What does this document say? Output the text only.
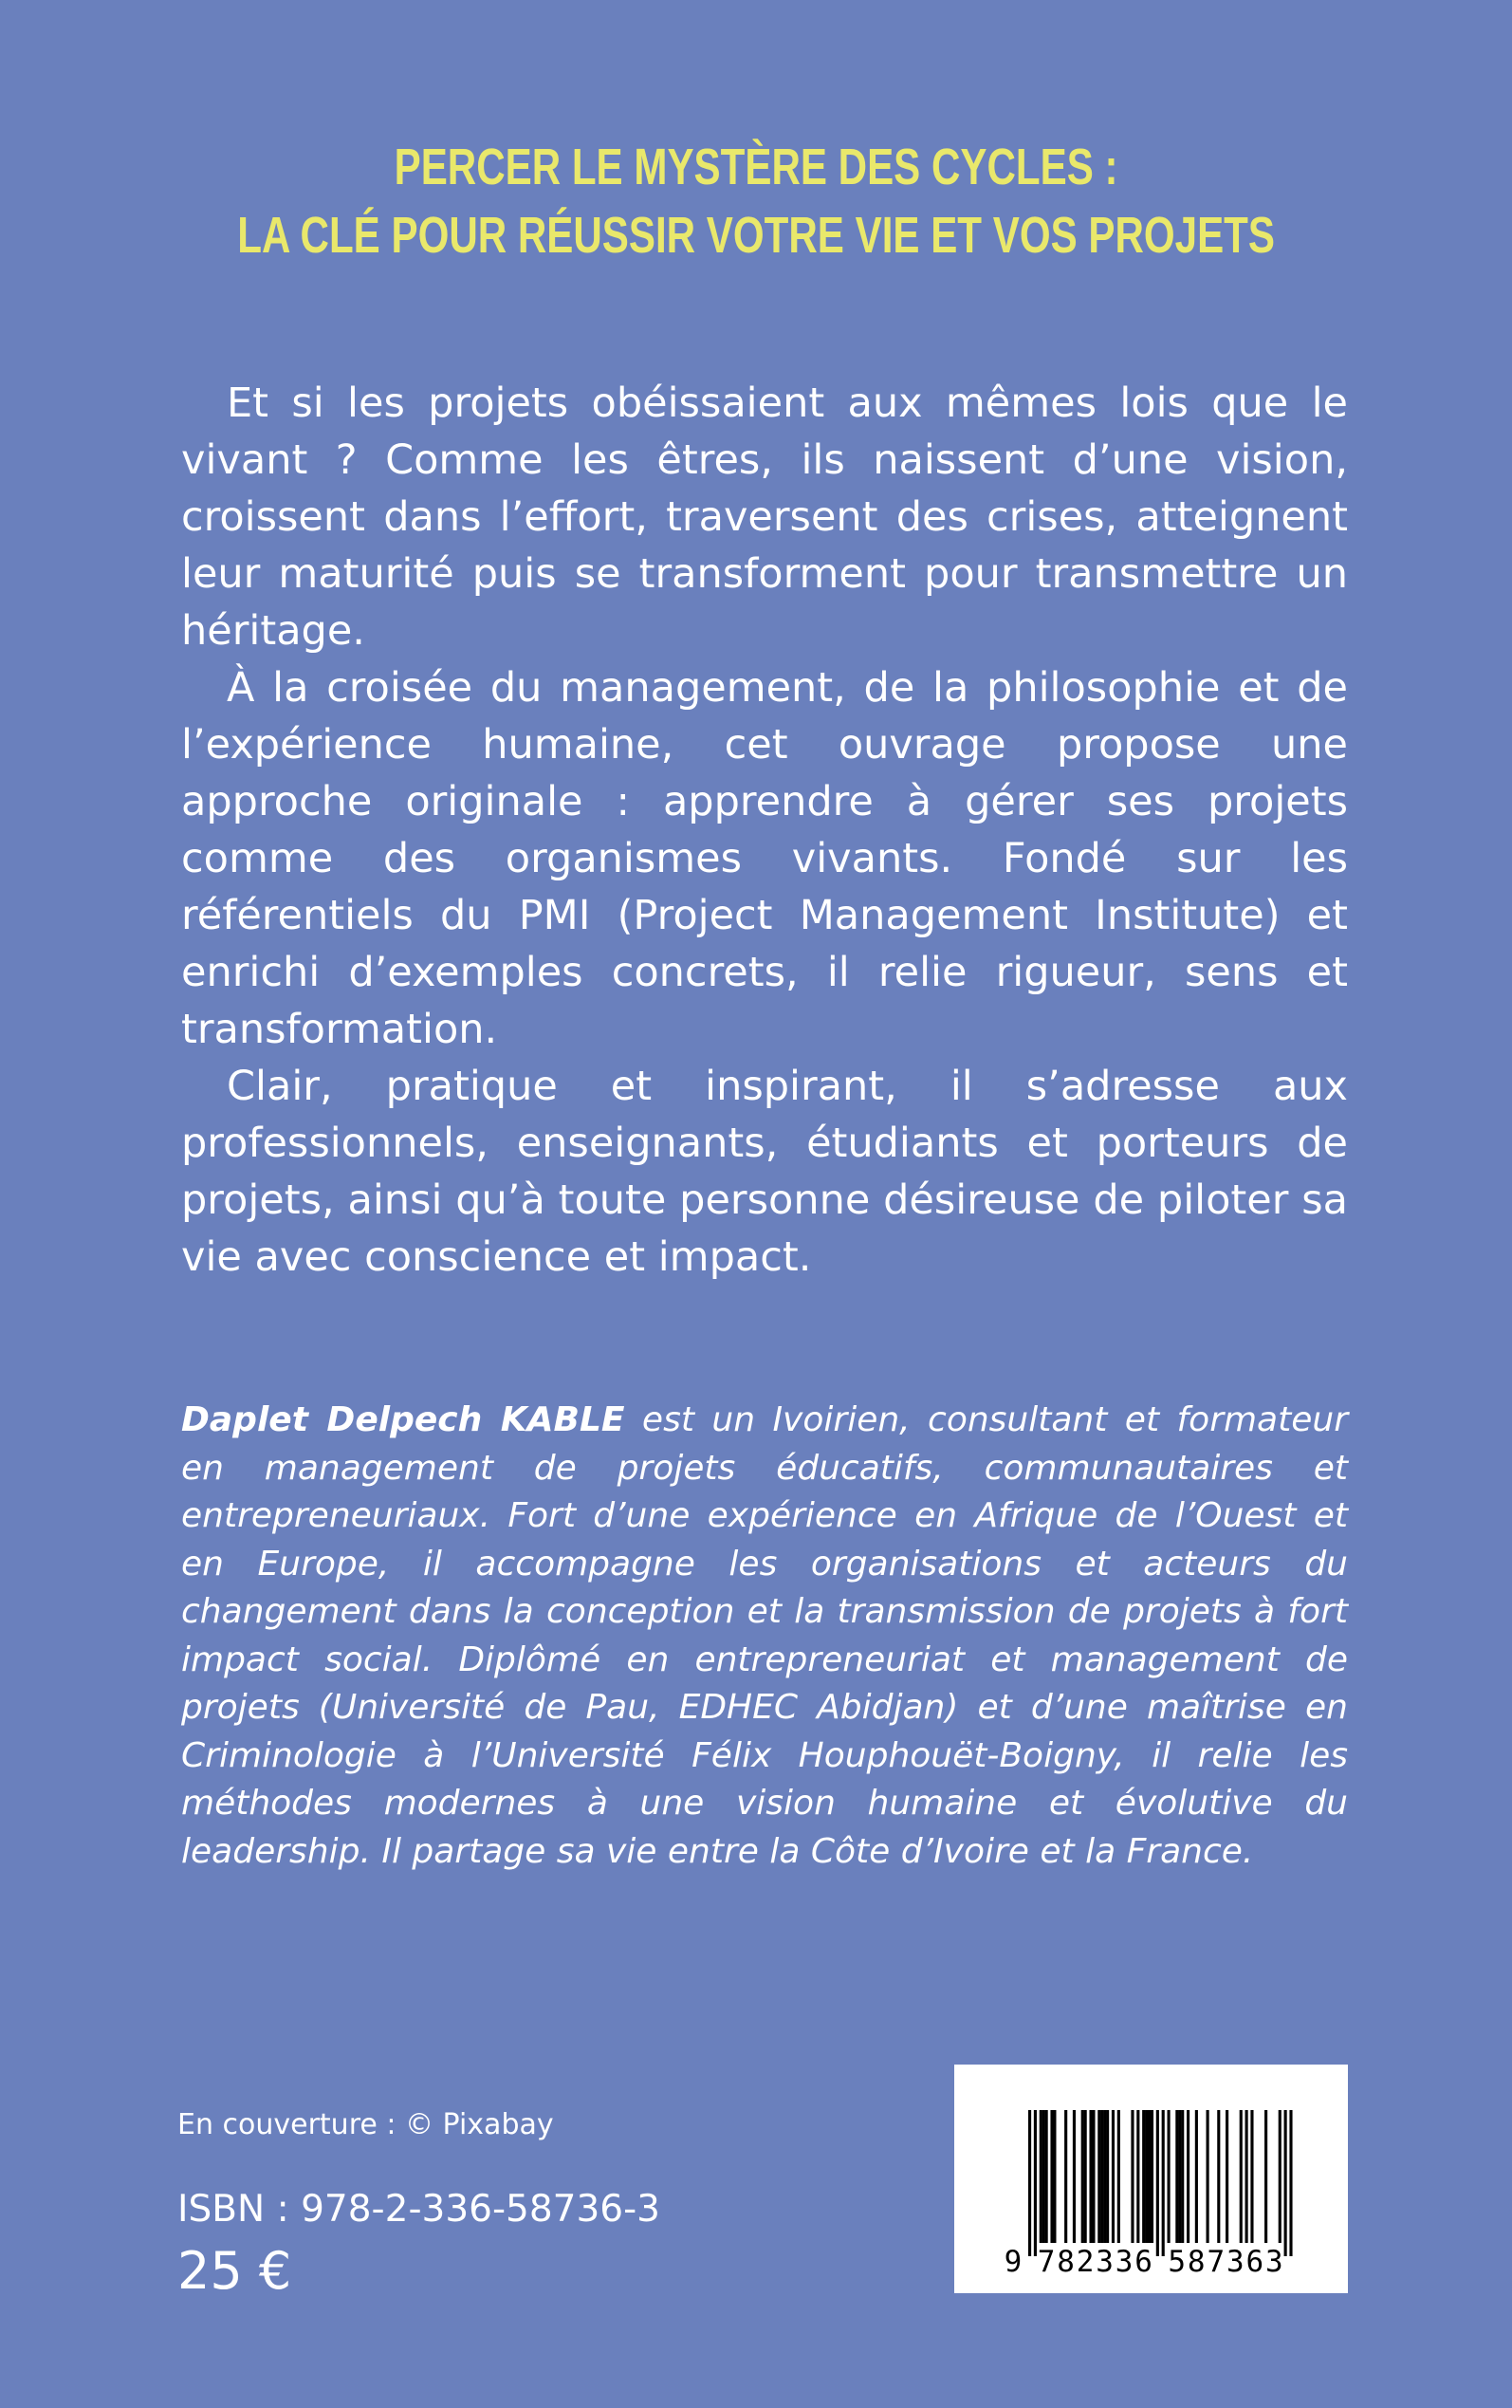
PERCER LE MYSTÈRE DES CYCLES :
LA CLÉ POUR RÉUSSIR VOTRE VIE ET VOS PROJETS

Et si les projets obéissaient aux mêmes lois que le vivant ? Comme les êtres, ils naissent d’une vision, croissent dans l’effort, traversent des crises, atteignent leur maturité puis se transforment pour transmettre un héritage.

À la croisée du management, de la philosophie et de l’expérience humaine, cet ouvrage propose une approche originale : apprendre à gérer ses projets comme des organismes vivants. Fondé sur les référentiels du PMI (Project Management Institute) et enrichi d’exemples concrets, il relie rigueur, sens et transformation.

Clair, pratique et inspirant, il s’adresse aux professionnels, enseignants, étudiants et porteurs de projets, ainsi qu’à toute personne désireuse de piloter sa vie avec conscience et impact.

Daplet Delpech KABLE est un Ivoirien, consultant et formateur en management de projets éducatifs, communautaires et entrepreneuriaux. Fort d’une expérience en Afrique de l’Ouest et en Europe, il accompagne les organisations et acteurs du changement dans la conception et la transmission de projets à fort impact social. Diplômé en entrepreneuriat et management de projets (Université de Pau, EDHEC Abidjan) et d’une maîtrise en Criminologie à l’Université Félix Houphouët-Boigny, il relie les méthodes modernes à une vision humaine et évolutive du leadership. Il partage sa vie entre la Côte d’Ivoire et la France.
En couverture : © Pixabay
ISBN : 978-2-336-58736-3
25 €	9 7 8 2 3 3 6 5 8 7 3 6 3
